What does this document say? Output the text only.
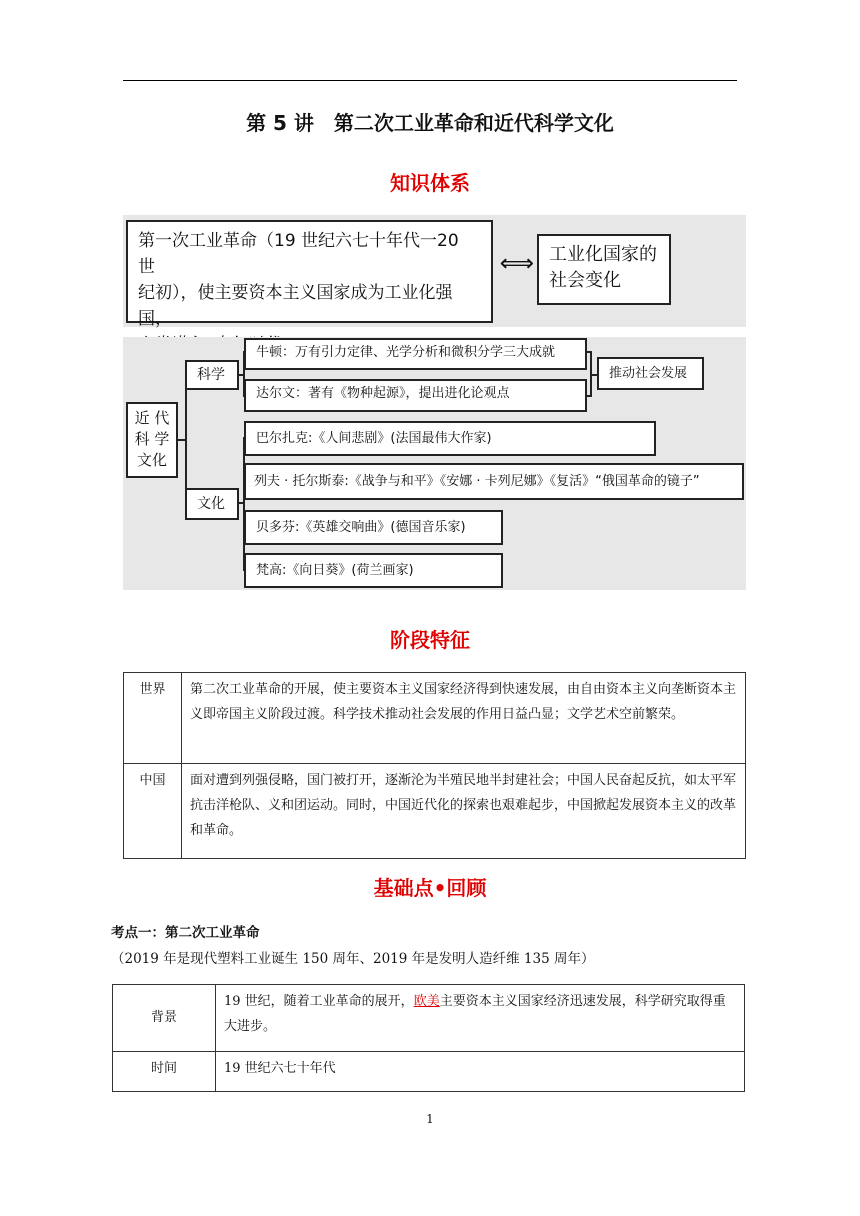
第 5 讲　第二次工业革命和近代科学文化
知识体系
第一次工业革命（19 世纪六七十年代一20 世
纪初），使主要资本主义国家成为工业化强国，
⟺ 工业化国家的
社会变化
近 代
科 学
文化
科学
文化
牛顿：万有引力定律、光学分析和微积分学三大成就
达尔文：著有《物种起源》，提出进化论观点
推动社会发展
巴尔扎克:《人间悲剧》(法国最伟大作家)
列夫 · 托尔斯泰:《战争与和平》《安娜 · 卡列尼娜》《复活》“俄国革命的镜子”
贝多芬:《英雄交响曲》(德国音乐家)
梵高:《向日葵》(荷兰画家)
阶段特征
世界	第二次工业革命的开展，使主要资本主义国家经济得到快速发展，由自由资本主义向垄断资本主义即帝国主义阶段过渡。科学技术推动社会发展的作用日益凸显；文学艺术空前繁荣。
中国	面对遭到列强侵略，国门被打开，逐渐沦为半殖民地半封建社会；中国人民奋起反抗，如太平军抗击洋枪队、义和团运动。同时，中国近代化的探索也艰难起步，中国掀起发展资本主义的改革和革命。
基础点•回顾
考点一：第二次工业革命（2019 年是现代塑料工业诞生 150 周年、2019 年是发明人造纤维 135 周年）
背景	19 世纪，随着工业革命的展开，欧美主要资本主义国家经济迅速发展，科学研究取得重大进步。
时间	19 世纪六七十年代
1
